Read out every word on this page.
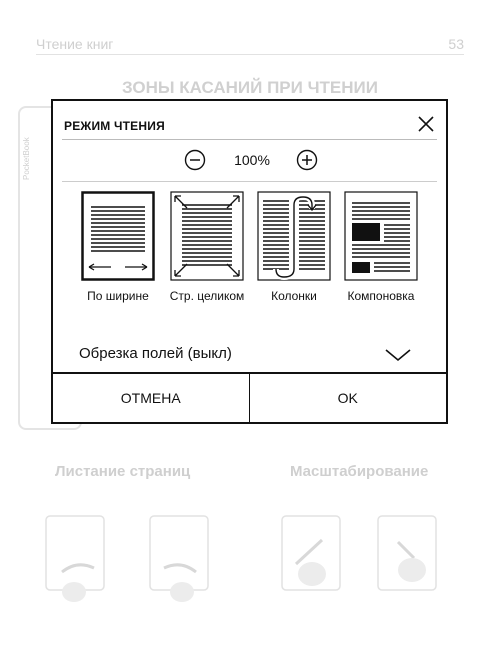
Чтение книг	53
ЗОНЫ КАСАНИЙ ПРИ ЧТЕНИИ
PocketBook
Листание страниц	Масштабирование
РЕЖИМ ЧТЕНИЯ
100%
По ширине	Стр. целиком	Колонки	Компоновка
Обрезка полей (выкл)
ОТМЕНА	OK
